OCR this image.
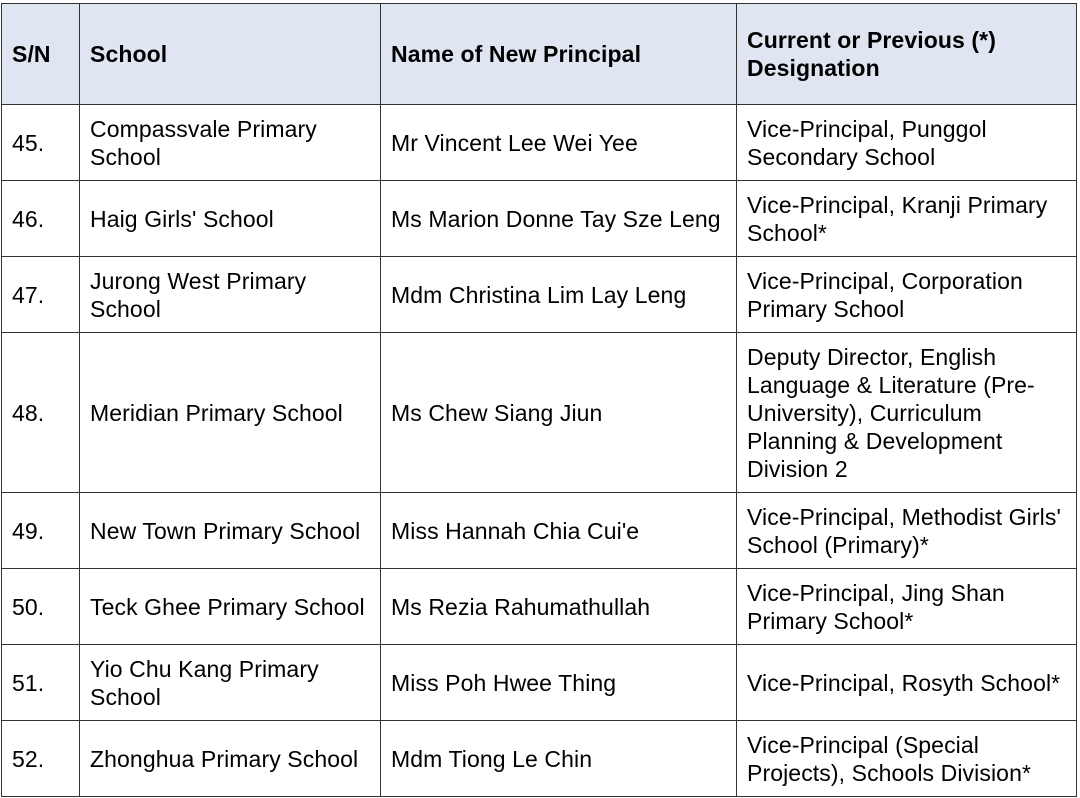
S/N	School	Name of New Principal	Current or Previous (*) Designation
45.	Compassvale Primary School	Mr Vincent Lee Wei Yee	Vice-Principal, Punggol Secondary School
46.	Haig Girls' School	Ms Marion Donne Tay Sze Leng	Vice-Principal, Kranji Primary School*
47.	Jurong West Primary School	Mdm Christina Lim Lay Leng	Vice-Principal, Corporation Primary School
48.	Meridian Primary School	Ms Chew Siang Jiun	Deputy Director, English Language & Literature (Pre-University), Curriculum Planning & Development Division 2
49.	New Town Primary School	Miss Hannah Chia Cui'e	Vice-Principal, Methodist Girls' School (Primary)*
50.	Teck Ghee Primary School	Ms Rezia Rahumathullah	Vice-Principal, Jing Shan Primary School*
51.	Yio Chu Kang Primary School	Miss Poh Hwee Thing	Vice-Principal, Rosyth School*
52.	Zhonghua Primary School	Mdm Tiong Le Chin	Vice-Principal (Special Projects), Schools Division*
